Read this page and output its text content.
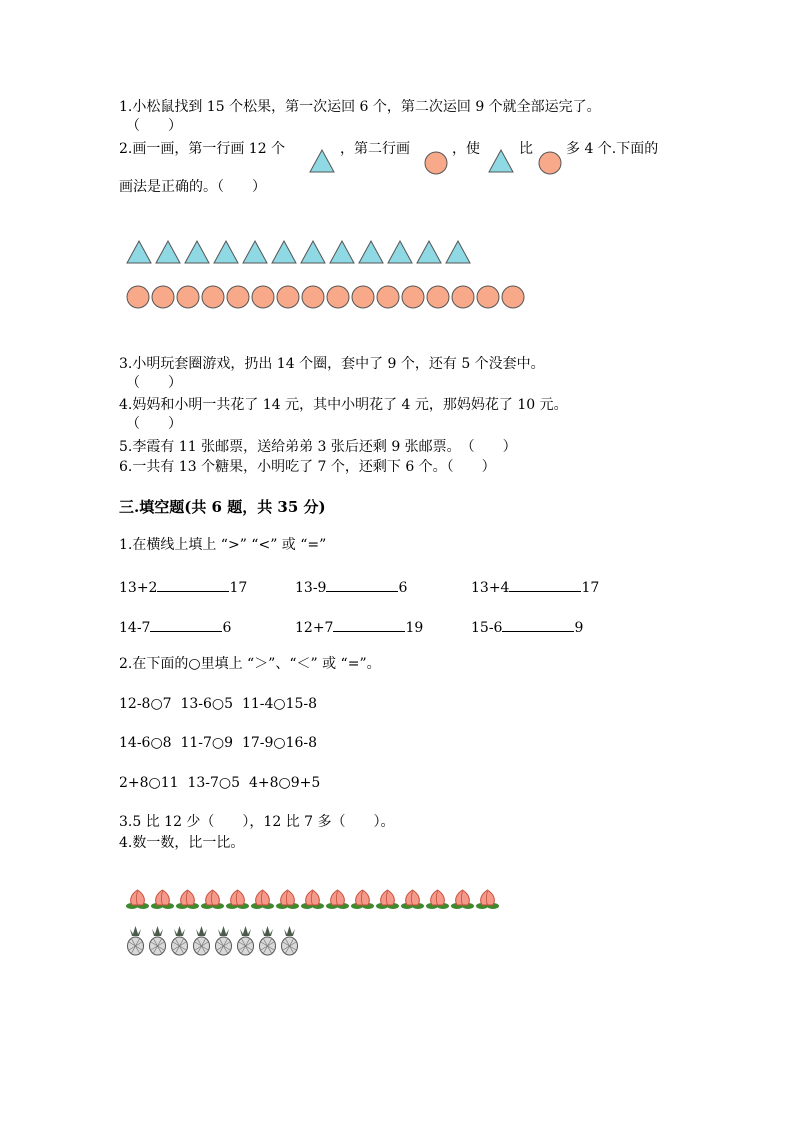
1.小松鼠找到 15 个松果，第一次运回 6 个，第二次运回 9 个就全部运完了。
（　　）
2.画一画，第一行画 12 个	，第二行画	，使	比 多 4 个.下面的
画法是正确的。（　　）
3.小明玩套圈游戏，扔出 14 个圈，套中了 9 个，还有 5 个没套中。
（　　）
4.妈妈和小明一共花了 14 元，其中小明花了 4 元，那妈妈花了 10 元。
（　　）
5.李霞有 11 张邮票，送给弟弟 3 张后还剩 9 张邮票。　（　　）
6.一共有 13 个糖果，小明吃了 7 个，还剩下 6 个。（　　）
三.填空题(共 6 题，共 35 分)
1.在横线上填上 “>” “<” 或 “=”
13+2	17	13-9	6	13+4	17
14-7	6	12+7	19	15-6	9
2.在下面的○里填上 “＞”、“＜” 或 “=”。
12-8○7  13-6○5  11-4○15-8
14-6○8  11-7○9  17-9○16-8
2+8○11  13-7○5  4+8○9+5
3.5 比 12 少（　　），12 比 7 多（　　）。
4.数一数，比一比。
